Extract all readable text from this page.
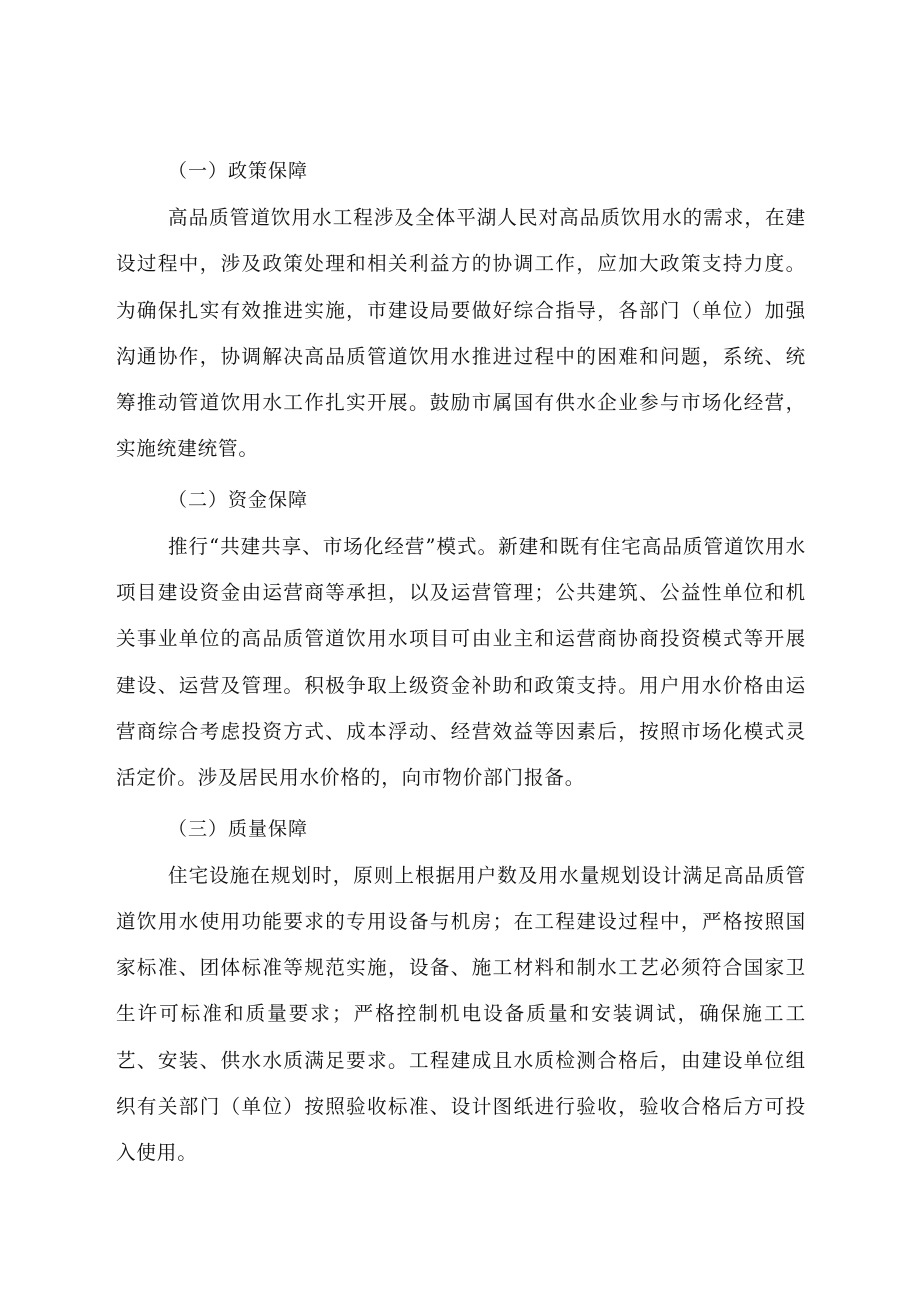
（一）政策保障

高品质管道饮用水工程涉及全体平湖人民对高品质饮用水的需求，在建设过程中，涉及政策处理和相关利益方的协调工作，应加大政策支持力度。为确保扎实有效推进实施，市建设局要做好综合指导，各部门（单位）加强沟通协作，协调解决高品质管道饮用水推进过程中的困难和问题，系统、统筹推动管道饮用水工作扎实开展。鼓励市属国有供水企业参与市场化经营，实施统建统管。

（二）资金保障

推行“共建共享、市场化经营”模式。新建和既有住宅高品质管道饮用水项目建设资金由运营商等承担，以及运营管理；公共建筑、公益性单位和机关事业单位的高品质管道饮用水项目可由业主和运营商协商投资模式等开展建设、运营及管理。积极争取上级资金补助和政策支持。用户用水价格由运营商综合考虑投资方式、成本浮动、经营效益等因素后，按照市场化模式灵活定价。涉及居民用水价格的，向市物价部门报备。

（三）质量保障

住宅设施在规划时，原则上根据用户数及用水量规划设计满足高品质管道饮用水使用功能要求的专用设备与机房；在工程建设过程中，严格按照国家标准、团体标准等规范实施，设备、施工材料和制水工艺必须符合国家卫生许可标准和质量要求；严格控制机电设备质量和安装调试，确保施工工艺、安装、供水水质满足要求。工程建成且水质检测合格后，由建设单位组织有关部门（单位）按照验收标准、设计图纸进行验收，验收合格后方可投入使用。
